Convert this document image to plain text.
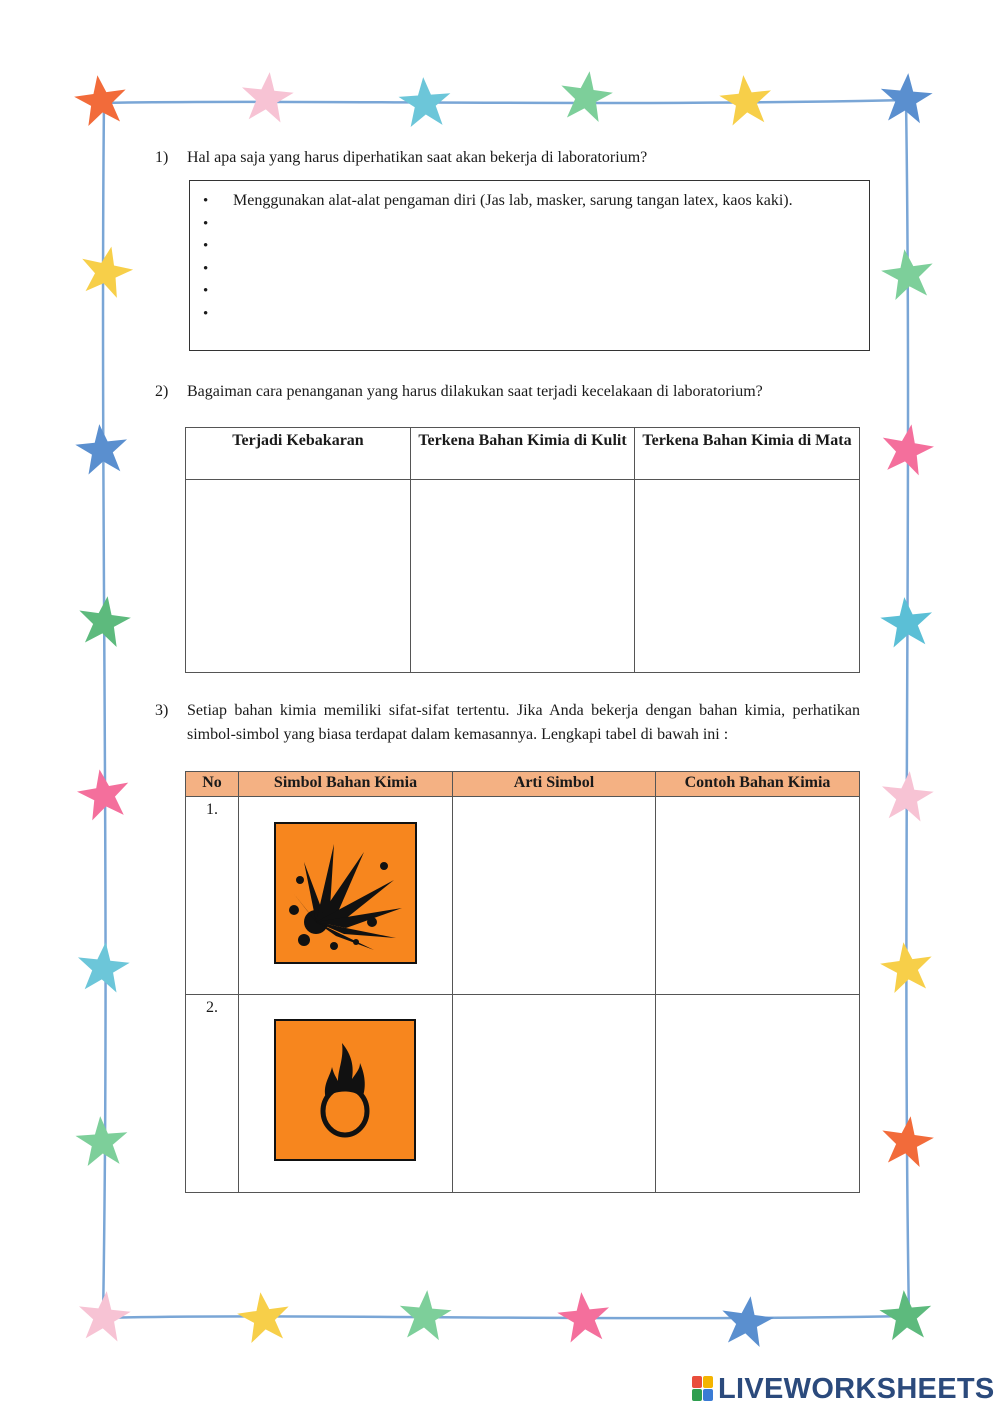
1) Hal apa saja yang harus diperhatikan saat akan bekerja di laboratorium?
• Menggunakan alat-alat pengaman diri (Jas lab, masker, sarung tangan latex, kaos kaki).
•
•
•
•
•
2) Bagaiman cara penanganan yang harus dilakukan saat terjadi kecelakaan di laboratorium?
Terjadi Kebakaran	Terkena Bahan Kimia di Kulit	Terkena Bahan Kimia di Mata

3) Setiap bahan kimia memiliki sifat-sifat tertentu. Jika Anda bekerja dengan bahan kimia, perhatikan simbol-simbol yang biasa terdapat dalam kemasannya. Lengkapi tabel di bawah ini :
No	Simbol Bahan Kimia	Arti Simbol	Contoh Bahan Kimia
1.	

2.	

LIVEWORKSHEETS
